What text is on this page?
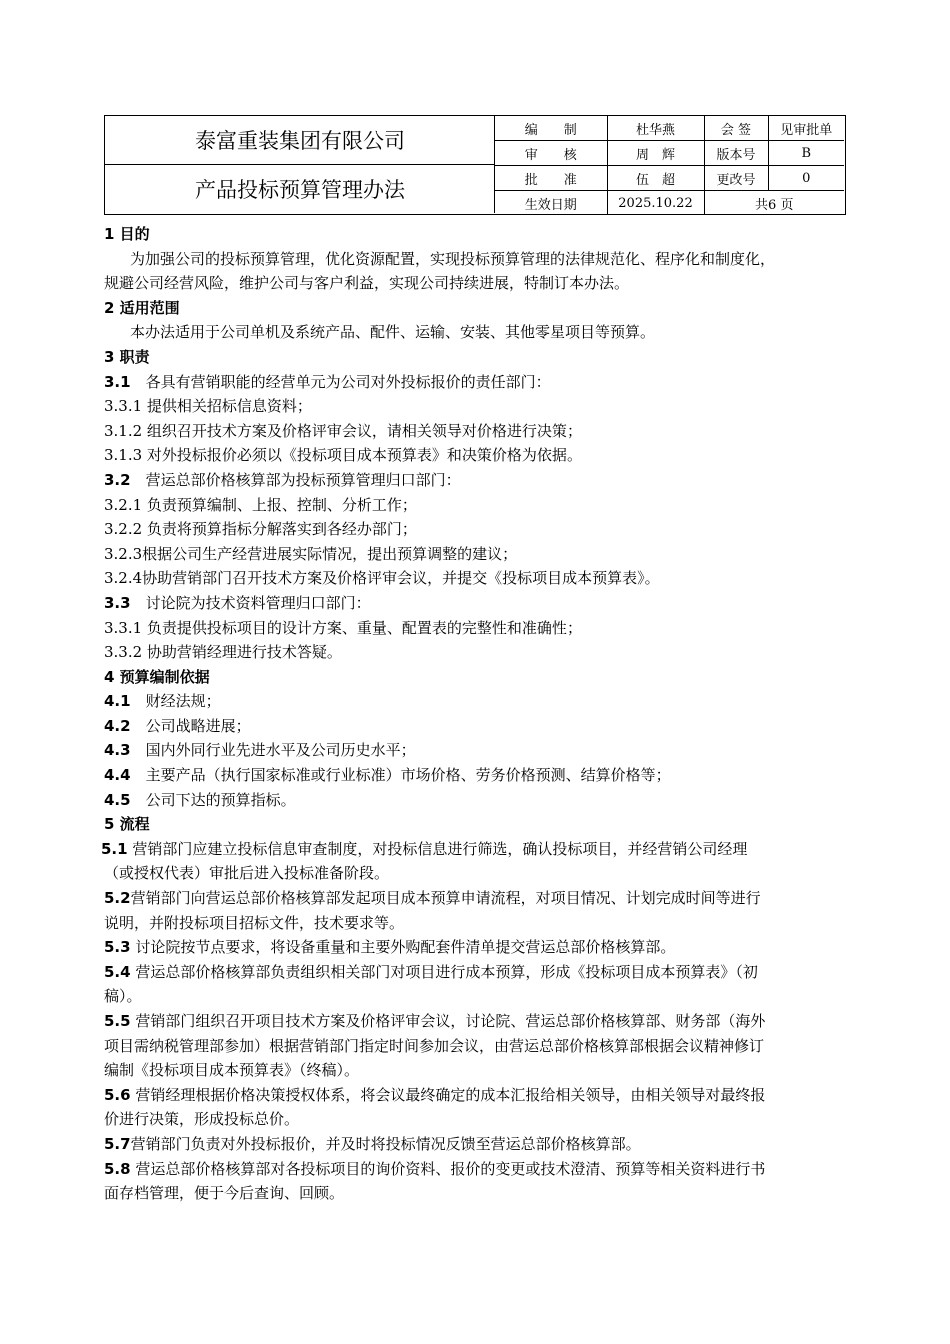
泰富重装集团有限公司
产品投标预算管理办法
编　　制	杜华燕	会 签	见审批单
审　　核	周　辉	版本号	B
批　　准	伍　超	更改号	0
生效日期	2025.10.22	共6 页	
1 目的
为加强公司的投标预算管理，优化资源配置，实现投标预算管理的法律规范化、程序化和制度化，
规避公司经营风险，维护公司与客户利益，实现公司持续进展，特制订本办法。
2 适用范围
本办法适用于公司单机及系统产品、配件、运输、安装、其他零星项目等预算。
3 职责
3.1　各具有营销职能的经营单元为公司对外投标报价的责任部门：
3.3.1 提供相关招标信息资料；
3.1.2 组织召开技术方案及价格评审会议，请相关领导对价格进行决策；
3.1.3 对外投标报价必须以《投标项目成本预算表》和决策价格为依据。
3.2　营运总部价格核算部为投标预算管理归口部门：
3.2.1 负责预算编制、上报、控制、分析工作；
3.2.2 负责将预算指标分解落实到各经办部门；
3.2.3根据公司生产经营进展实际情况，提出预算调整的建议；
3.2.4协助营销部门召开技术方案及价格评审会议，并提交《投标项目成本预算表》。
3.3　讨论院为技术资料管理归口部门：
3.3.1 负责提供投标项目的设计方案、重量、配置表的完整性和准确性；
3.3.2 协助营销经理进行技术答疑。
4 预算编制依据
4.1　财经法规；
4.2　公司战略进展；
4.3　国内外同行业先进水平及公司历史水平；
4.4　主要产品（执行国家标准或行业标准）市场价格、劳务价格预测、结算价格等；
4.5　公司下达的预算指标。
5 流程
5.1 营销部门应建立投标信息审查制度，对投标信息进行筛选，确认投标项目，并经营销公司经理
（或授权代表）审批后进入投标准备阶段。
5.2营销部门向营运总部价格核算部发起项目成本预算申请流程，对项目情况、计划完成时间等进行
说明，并附投标项目招标文件，技术要求等。
5.3 讨论院按节点要求，将设备重量和主要外购配套件清单提交营运总部价格核算部。
5.4 营运总部价格核算部负责组织相关部门对项目进行成本预算，形成《投标项目成本预算表》（初
稿）。
5.5 营销部门组织召开项目技术方案及价格评审会议，讨论院、营运总部价格核算部、财务部（海外
项目需纳税管理部参加）根据营销部门指定时间参加会议，由营运总部价格核算部根据会议精神修订
编制《投标项目成本预算表》（终稿）。
5.6 营销经理根据价格决策授权体系，将会议最终确定的成本汇报给相关领导，由相关领导对最终报
价进行决策，形成投标总价。
5.7营销部门负责对外投标报价，并及时将投标情况反馈至营运总部价格核算部。
5.8 营运总部价格核算部对各投标项目的询价资料、报价的变更或技术澄清、预算等相关资料进行书
面存档管理，便于今后查询、回顾。
